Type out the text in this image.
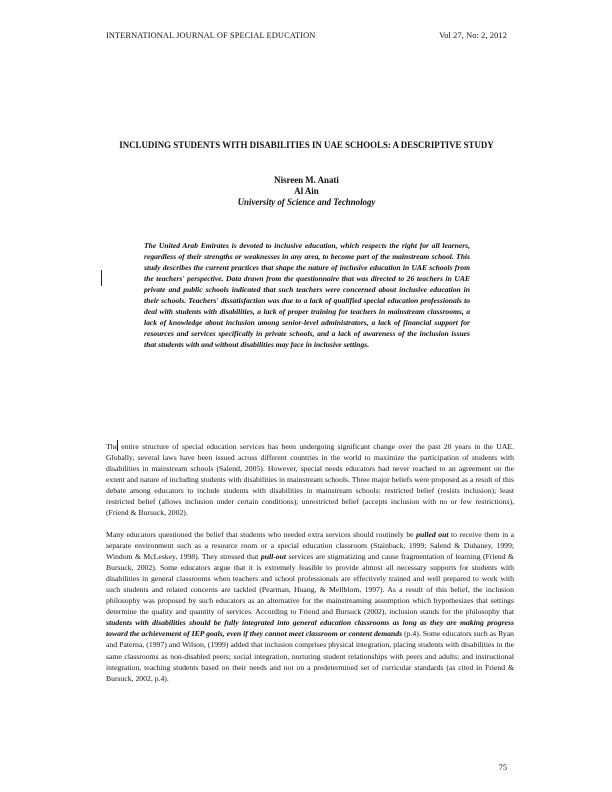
INTERNATIONAL JOURNAL OF SPECIAL EDUCATION	Vol 27, No: 2, 2012
INCLUDING STUDENTS WITH DISABILITIES IN UAE SCHOOLS: A DESCRIPTIVE STUDY
Nisreen M. Anati
Al Ain
University of Science and Technology
The United Arab Emirates is devoted to inclusive education, which respects the right for all learners, regardless of their strengths or weaknesses in any area, to become part of the mainstream school. This study describes the current practices that shape the nature of inclusive education in UAE schools from the teachers' perspective. Data drawn from the questionnaire that was directed to 26 teachers in UAE private and public schools indicated that such teachers were concerned about inclusive education in their schools. Teachers' dissatisfaction was due to a lack of qualified special education professionals to deal with students with disabilities, a lack of proper training for teachers in mainstream classrooms, a lack of knowledge about inclusion among senior-level administrators, a lack of financial support for resources and services specifically in private schools, and a lack of awareness of the inclusion issues that students with and without disabilities may face in inclusive settings.
The entire structure of special education services has been undergoing significant change over the past 20 years in the UAE. Globally, several laws have been issued across different countries in the world to maximize the participation of students with disabilities in mainstream schools (Salend, 2005). However, special needs educators had never reached to an agreement on the extent and nature of including students with disabilities in mainstream schools. Three major beliefs were proposed as a result of this debate among educators to include students with disabilities in mainstream schools: restricted belief (resists inclusion); least restricted belief (allows inclusion under certain conditions); unrestricted belief (accepts inclusion with no or few restrictions), (Friend & Bursuck, 2002).
Many educators questioned the belief that students who needed extra services should routinely be pulled out to receive them in a separate environment such as a resource room or a special education classroom (Stainback, 1999; Salend & Duhaney, 1999; Windom & McLeskey, 1998). They stressed that pull-out services are stigmatizing and cause fragmentation of learning (Friend & Bursuck, 2002). Some educators argue that it is extremely feasible to provide almost all necessary supports for students with disabilities in general classrooms when teachers and school professionals are effectively trained and well prepared to work with such students and related concerns are tackled (Pearman, Huang, & Mellblom, 1997). As a result of this belief, the inclusion philosophy was proposed by such educators as an alternative for the mainstreaming assumption which hypothesizes that settings determine the quality and quantity of services. According to Friend and Bursuck (2002), inclusion stands for the philosophy that students with disabilities should be fully integrated into general education classrooms as long as they are making progress toward the achievement of IEP goals, even if they cannot meet classroom or content demands (p.4). Some educators such as Ryan and Paterna, (1997) and Wilson, (1999) added that inclusion comprises physical integration, placing students with disabilities in the same classrooms as non-disabled peers; social integration, nurturing student relationships with peers and adults; and instructional integration, teaching students based on their needs and not on a predetermined set of curricular standards (as cited in Friend & Bursuck, 2002, p.4).
75
